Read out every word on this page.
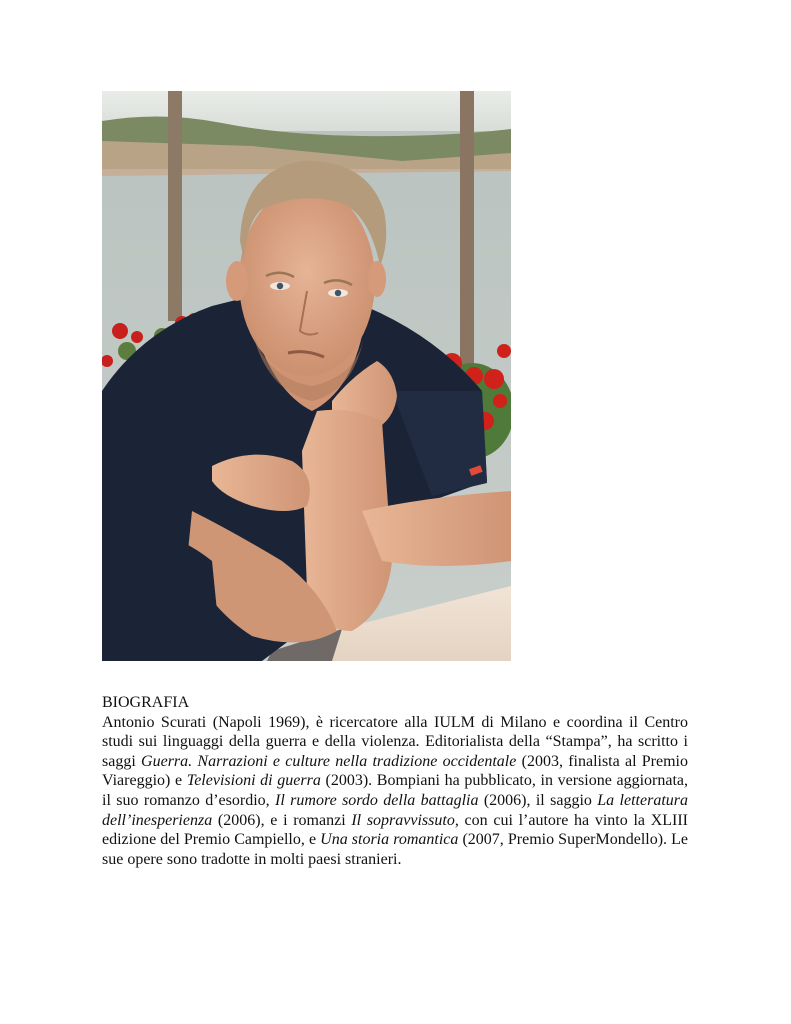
BIOGRAFIA

Antonio Scurati (Napoli 1969), è ricercatore alla IULM di Milano e coordina il Centro studi sui linguaggi della guerra e della violenza. Editorialista della “Stampa”, ha scritto i saggi Guerra. Narrazioni e culture nella tradizione occidentale (2003, finalista al Premio Viareggio) e Televisioni di guerra (2003). Bompiani ha pubblicato, in versione aggiornata, il suo romanzo d’esordio, Il rumore sordo della battaglia (2006), il saggio La letteratura dell’inesperienza (2006), e i romanzi Il sopravvissuto, con cui l’autore ha vinto la XLIII edizione del Premio Campiello, e Una storia romantica (2007, Premio SuperMondello). Le sue opere sono tradotte in molti paesi stranieri.
